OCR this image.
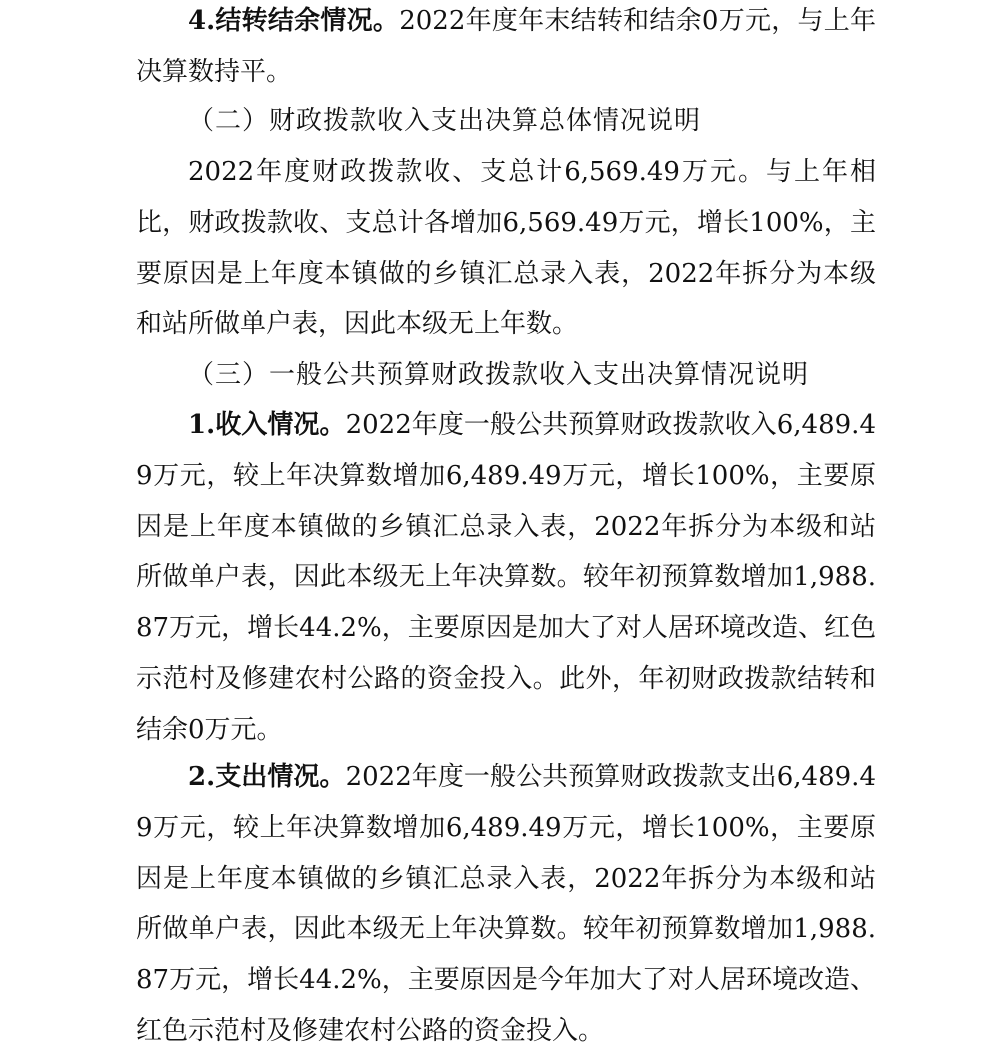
4.结转结余情况。2022年度年末结转和结余0万元，与上年决算数持平。

（二）财政拨款收入支出决算总体情况说明

2022年度财政拨款收、支总计6,569.49万元。与上年相比，财政拨款收、支总计各增加6,569.49万元，增长100%，主要原因是上年度本镇做的乡镇汇总录入表，2022年拆分为本级和站所做单户表，因此本级无上年数。

（三）一般公共预算财政拨款收入支出决算情况说明

1.收入情况。2022年度一般公共预算财政拨款收入6,489.49万元，较上年决算数增加6,489.49万元，增长100%，主要原因是上年度本镇做的乡镇汇总录入表，2022年拆分为本级和站所做单户表，因此本级无上年决算数。较年初预算数增加1,988.87万元，增长44.2%，主要原因是加大了对人居环境改造、红色示范村及修建农村公路的资金投入。此外，年初财政拨款结转和结余0万元。

2.支出情况。2022年度一般公共预算财政拨款支出6,489.49万元，较上年决算数增加6,489.49万元，增长100%，主要原因是上年度本镇做的乡镇汇总录入表，2022年拆分为本级和站所做单户表，因此本级无上年决算数。较年初预算数增加1,988.87万元，增长44.2%，主要原因是今年加大了对人居环境改造、红色示范村及修建农村公路的资金投入。
